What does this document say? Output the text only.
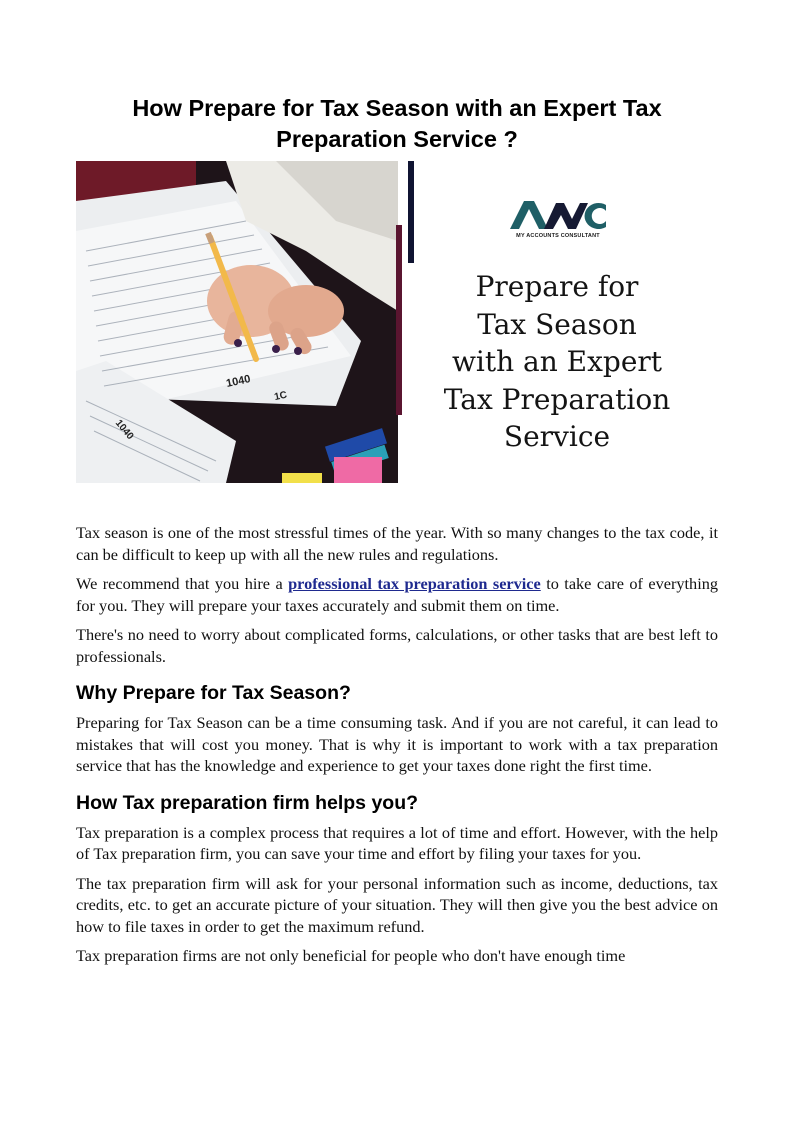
How Prepare for Tax Season with an Expert Tax Preparation Service ?
1040
1040
1C
MY ACCOUNTS CONSULTANT
Prepare for
Tax Season
with an Expert
Tax Preparation
Service

Tax season is one of the most stressful times of the year. With so many changes to the tax code, it can be difficult to keep up with all the new rules and regulations.

We recommend that you hire a professional tax preparation service to take care of everything for you. They will prepare your taxes accurately and submit them on time.

There's no need to worry about complicated forms, calculations, or other tasks that are best left to professionals.

Why Prepare for Tax Season?

Preparing for Tax Season can be a time consuming task. And if you are not careful, it can lead to mistakes that will cost you money. That is why it is important to work with a tax preparation service that has the knowledge and experience to get your taxes done right the first time.

How Tax preparation firm helps you?

Tax preparation is a complex process that requires a lot of time and effort. However, with the help of Tax preparation firm, you can save your time and effort by filing your taxes for you.

The tax preparation firm will ask for your personal information such as income, deductions, tax credits, etc. to get an accurate picture of your situation. They will then give you the best advice on how to file taxes in order to get the maximum refund.

Tax preparation firms are not only beneficial for people who don't have enough time
